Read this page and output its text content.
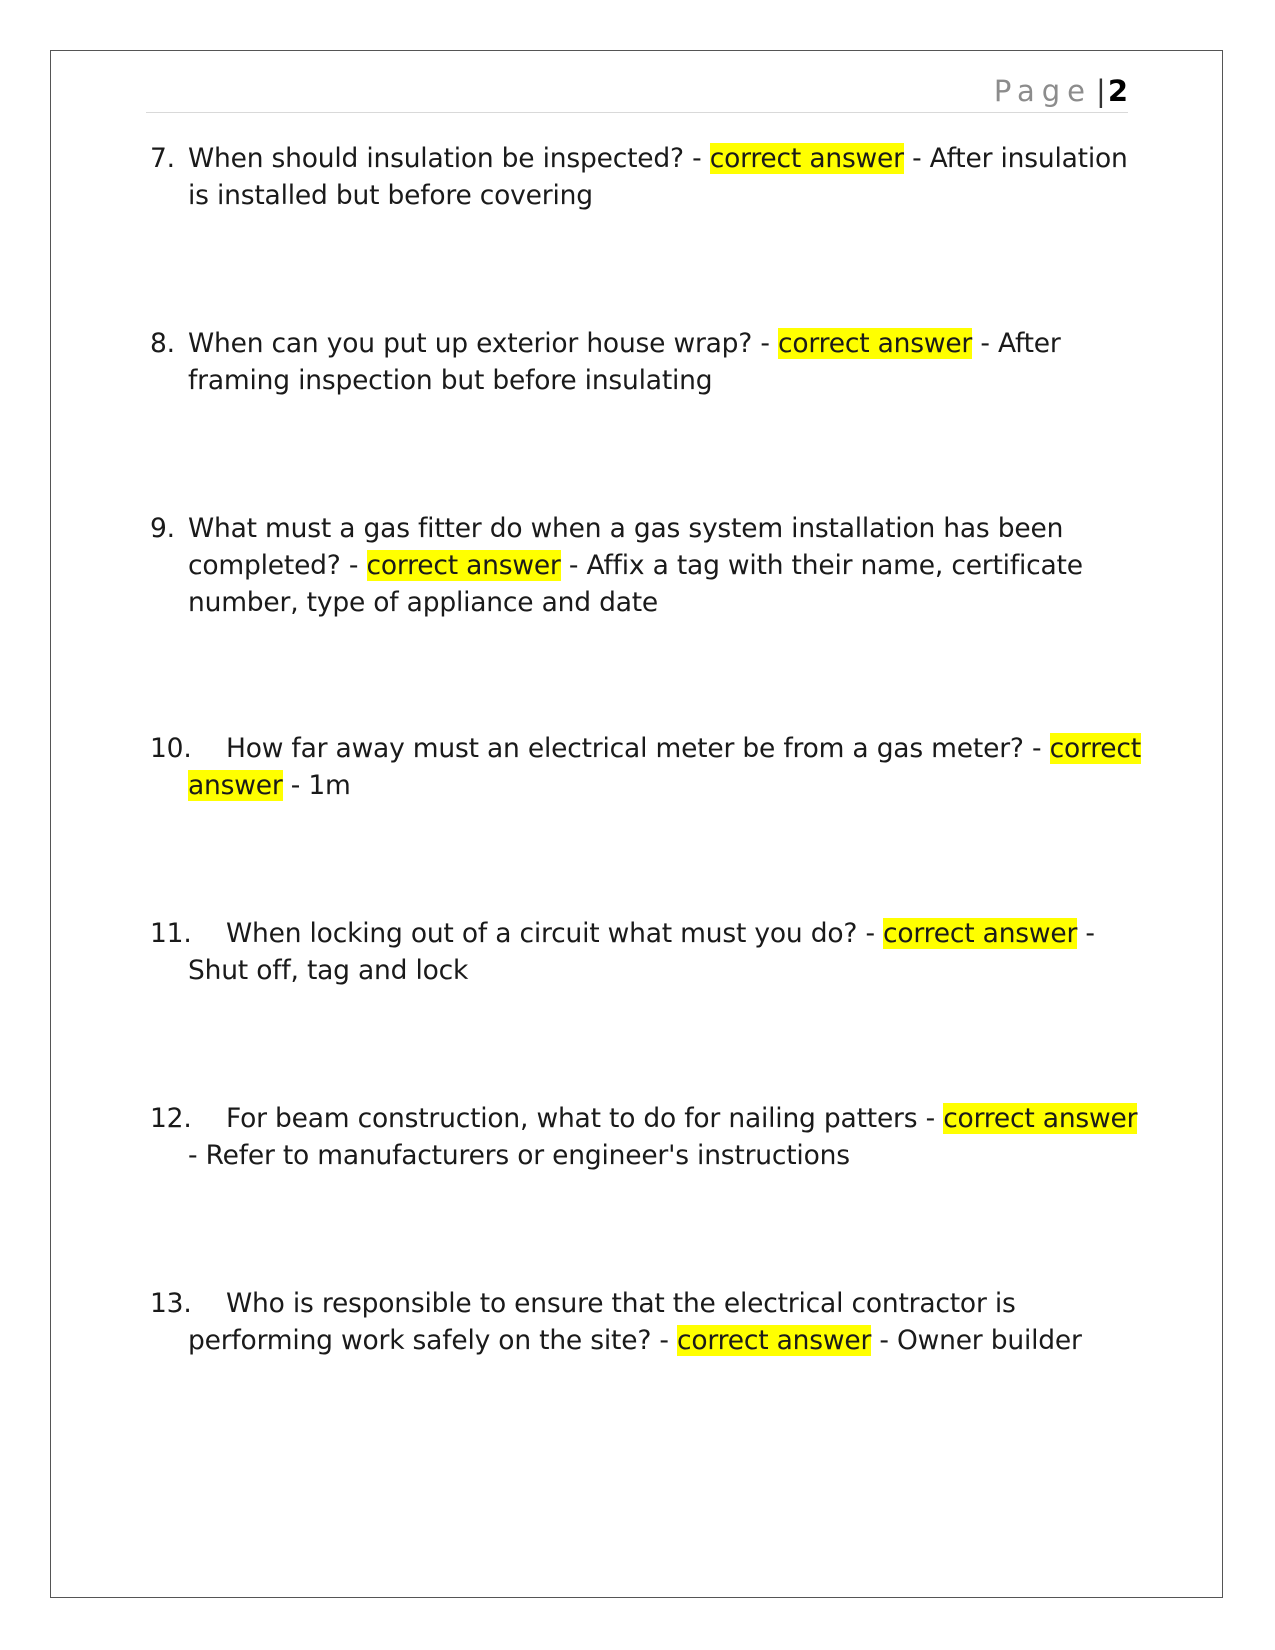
Page |2
7. When should insulation be inspected? - correct answer - After insulation
is installed but before covering
8. When can you put up exterior house wrap? - correct answer - After
framing inspection but before insulating
9. What must a gas fitter do when a gas system installation has been
completed? - correct answer - Affix a tag with their name, certificate
number, type of appliance and date
10. How far away must an electrical meter be from a gas meter? - correct
answer - 1m
11. When locking out of a circuit what must you do? - correct answer -
Shut off, tag and lock
12. For beam construction, what to do for nailing patters - correct answer
- Refer to manufacturers or engineer's instructions
13. Who is responsible to ensure that the electrical contractor is
performing work safely on the site? - correct answer - Owner builder
